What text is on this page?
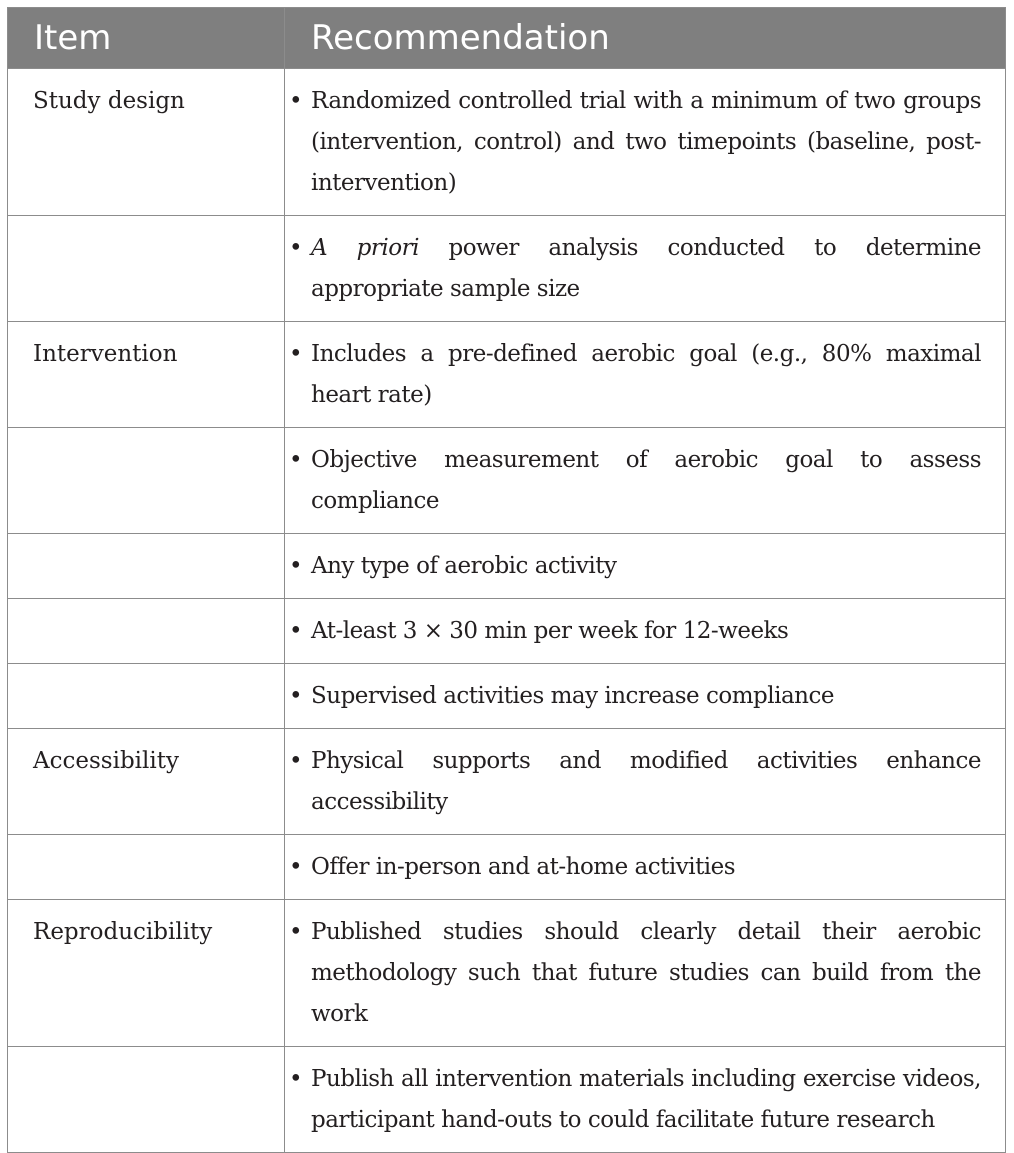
Item	Recommendation
Study design	• Randomized controlled trial with a minimum of two groups (intervention, control) and two timepoints (baseline, post-intervention)

	• A priori power analysis conducted to determine appropriate sample size

Intervention	• Includes a pre-defined aerobic goal (e.g., 80% maximal heart rate)

	• Objective measurement of aerobic goal to assess compliance

	• Any type of aerobic activity

	• At-least 3 × 30 min per week for 12-weeks

	• Supervised activities may increase compliance

Accessibility	• Physical supports and modified activities enhance accessibility

	• Offer in-person and at-home activities

Reproducibility	• Published studies should clearly detail their aerobic methodology such that future studies can build from the work

	• Publish all intervention materials including exercise videos, participant hand-outs to could facilitate future research
